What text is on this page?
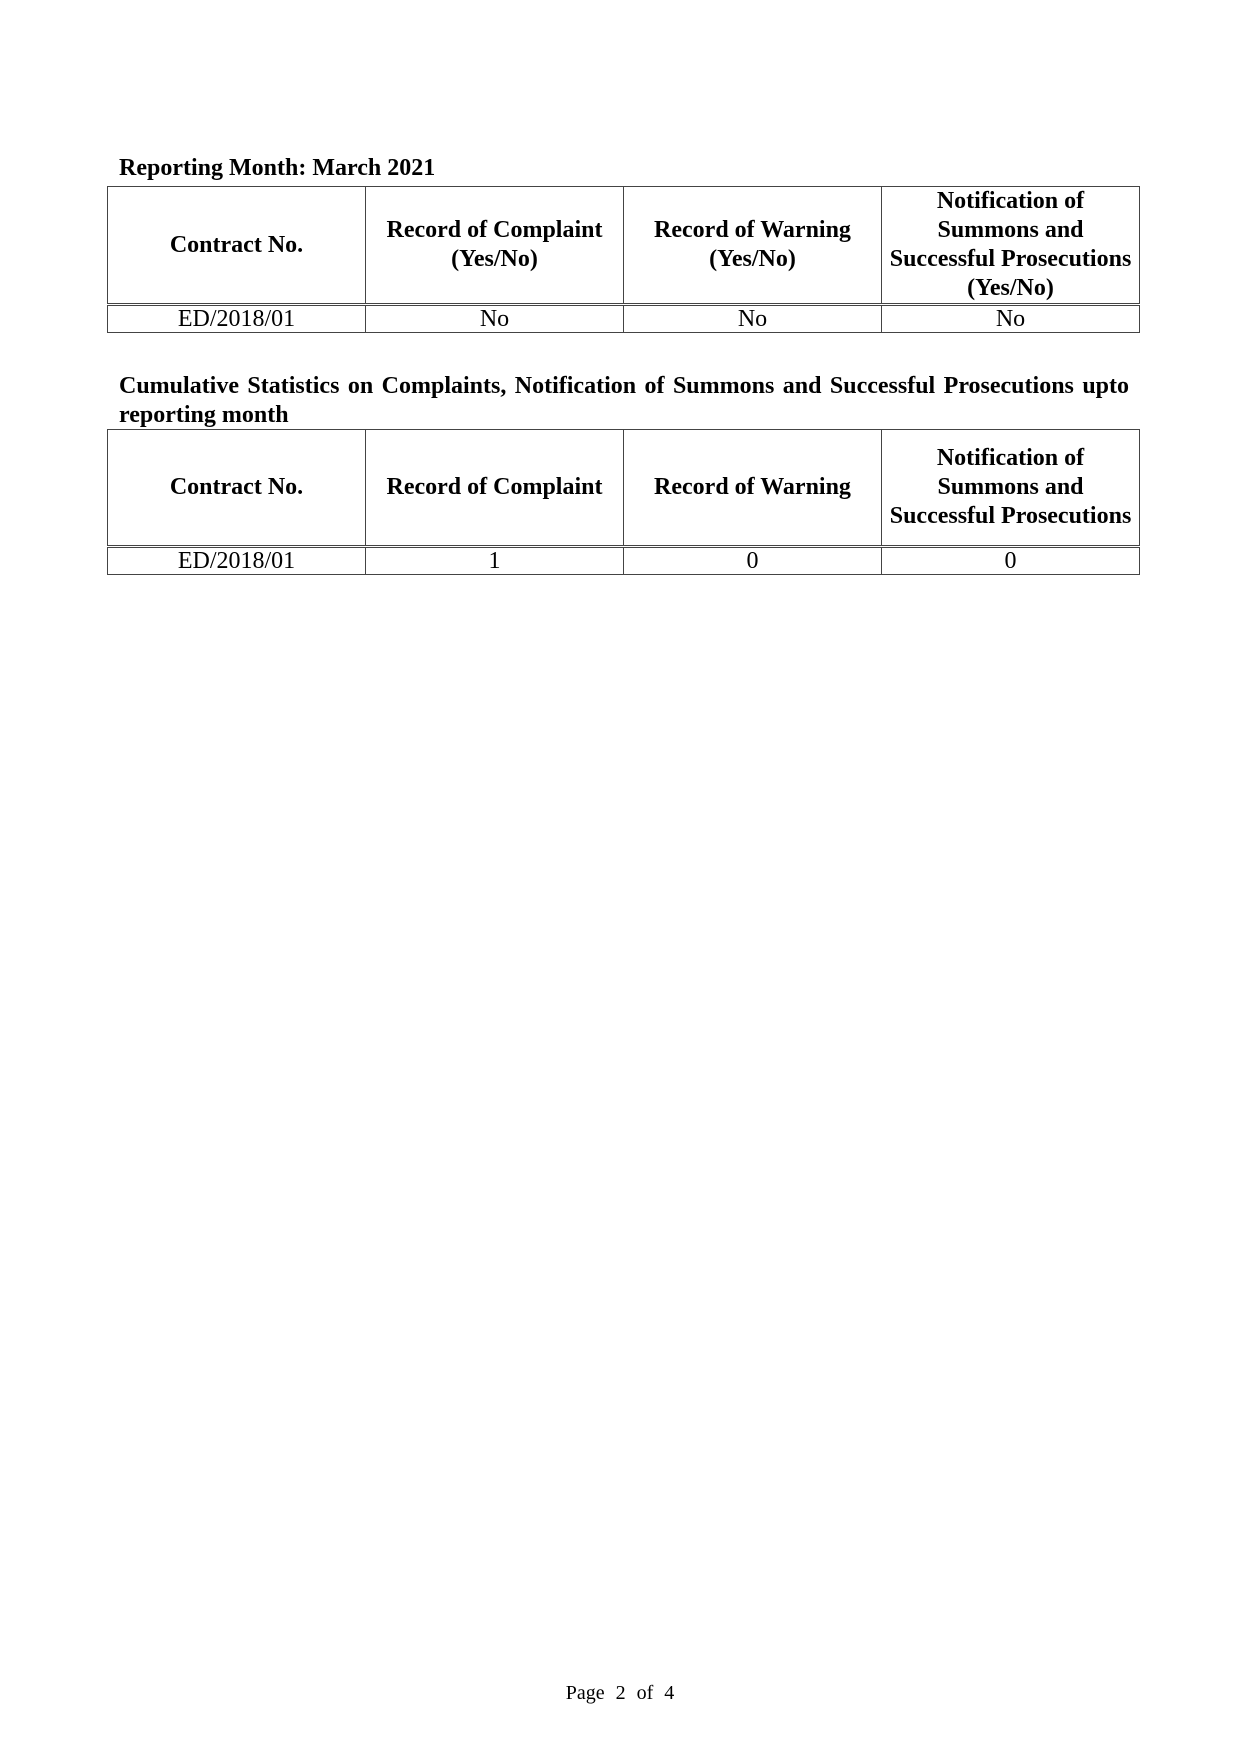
Reporting Month: March 2021
Contract No.	Record of Complaint (Yes/No)	Record of Warning (Yes/No)	Notification of Summons and Successful Prosecutions (Yes/No)
ED/2018/01	No	No	No
Cumulative Statistics on Complaints, Notification of Summons and Successful Prosecutions upto reporting month
Contract No.	Record of Complaint	Record of Warning	Notification of Summons and Successful Prosecutions
ED/2018/01	1	0	0
Page 2 of 4
